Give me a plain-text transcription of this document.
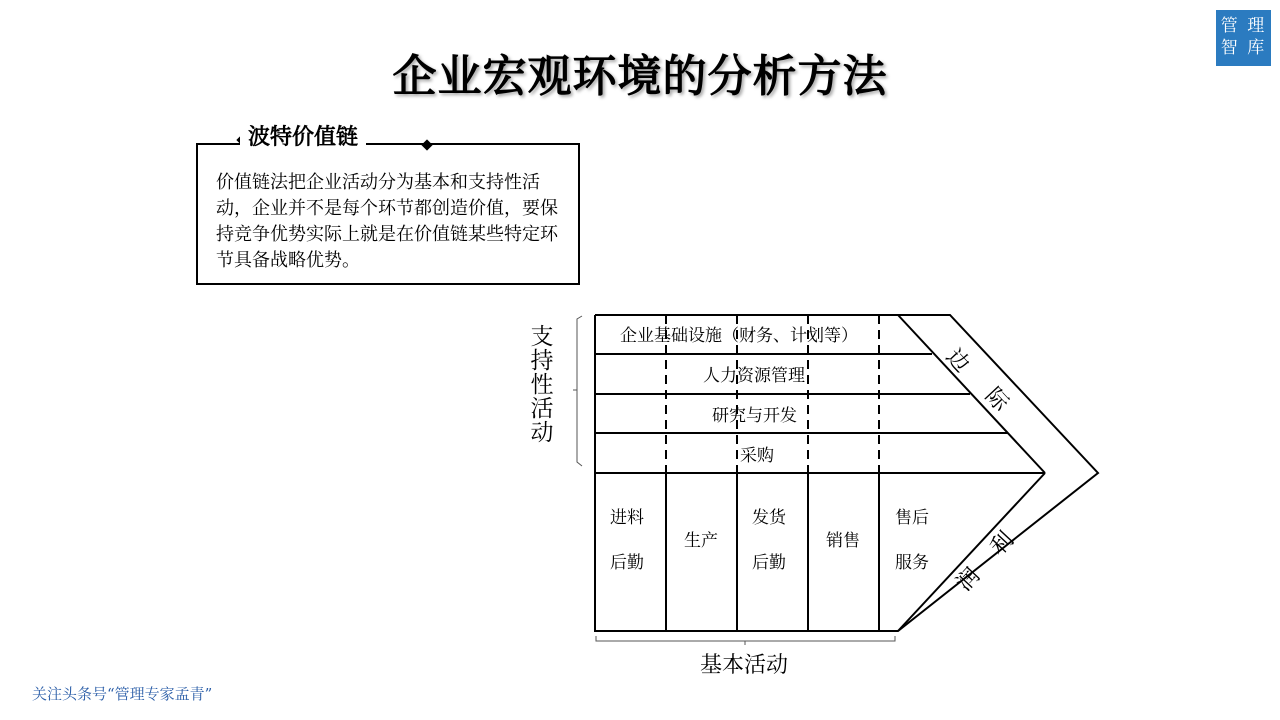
企业宏观环境的分析方法
管 理
智 库
波特价值链
价值链法把企业活动分为基本和支持性活动，企业并不是每个环节都创造价值，要保持竞争优势实际上就是在价值链某些特定环节具备战略优势。
企业基础设施（财务、计划等）
人力资源管理
研究与开发
采购
进料
后勤
生产
发货
后勤
销售
售后
服务
支持性活动
基本活动
边
际
利
润
关注头条号“管理专家孟青”
